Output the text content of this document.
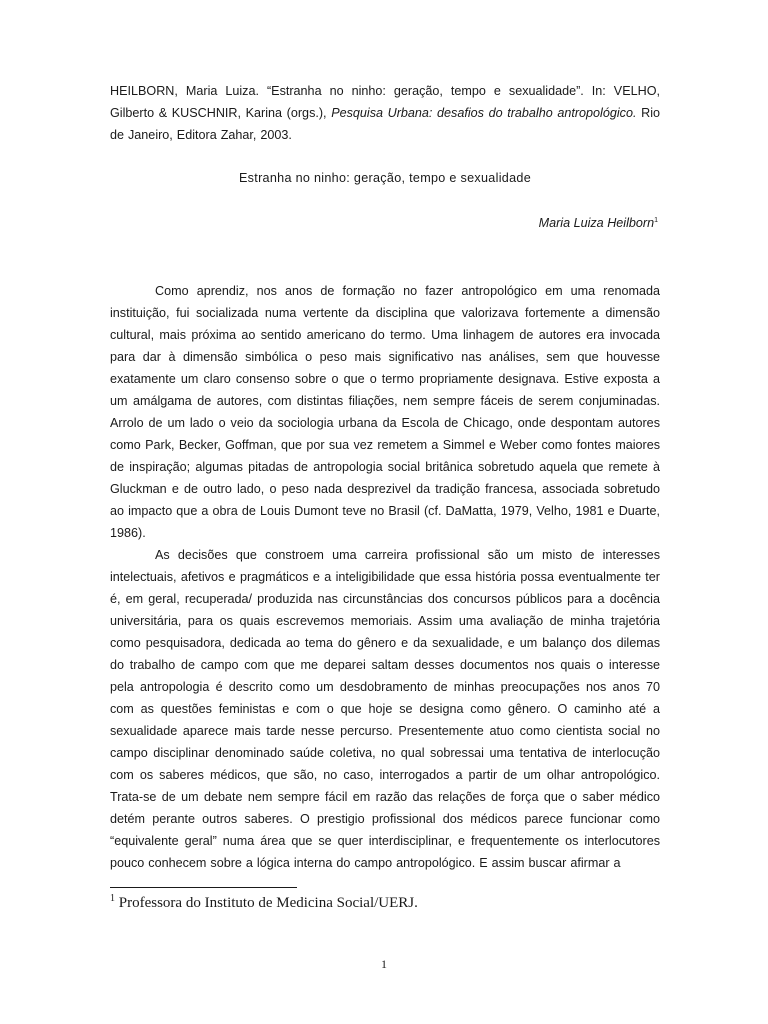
HEILBORN, Maria Luiza. “Estranha no ninho: geração, tempo e sexualidade”. In: VELHO, Gilberto & KUSCHNIR, Karina (orgs.), Pesquisa Urbana: desafios do trabalho antropológico. Rio de Janeiro, Editora Zahar, 2003.
Estranha no ninho: geração, tempo e sexualidade
Maria Luiza Heilborn$^1$

Como aprendiz, nos anos de formação no fazer antropológico em uma renomada instituição, fui socializada numa vertente da disciplina que valorizava fortemente a dimensão cultural, mais próxima ao sentido americano do termo. Uma linhagem de autores era invocada para dar à dimensão simbólica o peso mais significativo nas análises, sem que houvesse exatamente um claro consenso sobre o que o termo propriamente designava. Estive exposta a um amálgama de autores, com distintas filiações, nem sempre fáceis de serem conjuminadas. Arrolo de um lado o veio da sociologia urbana da Escola de Chicago, onde despontam autores como Park, Becker, Goffman, que por sua vez remetem a Simmel e Weber como fontes maiores de inspiração; algumas pitadas de antropologia social britânica sobretudo aquela que remete à Gluckman e de outro lado, o peso nada desprezivel da tradição francesa, associada sobretudo ao impacto que a obra de Louis Dumont teve no Brasil (cf. DaMatta, 1979, Velho, 1981 e Duarte, 1986).

As decisões que constroem uma carreira profissional são um misto de interesses intelectuais, afetivos e pragmáticos e a inteligibilidade que essa história possa eventualmente ter é, em geral, recuperada/ produzida nas circunstâncias dos concursos públicos para a docência universitária, para os quais escrevemos memoriais. Assim uma avaliação de minha trajetória como pesquisadora, dedicada ao tema do gênero e da sexualidade, e um balanço dos dilemas do trabalho de campo com que me deparei saltam desses documentos nos quais o interesse pela antropologia é descrito como um desdobramento de minhas preocupações nos anos 70 com as questões feministas e com o que hoje se designa como gênero. O caminho até a sexualidade aparece mais tarde nesse percurso. Presentemente atuo como cientista social no campo disciplinar denominado saúde coletiva, no qual sobressai uma tentativa de interlocução com os saberes médicos, que são, no caso, interrogados a partir de um olhar antropológico. Trata-se de um debate nem sempre fácil em razão das relações de força que o saber médico detém perante outros saberes. O prestigio profissional dos médicos parece funcionar como “equivalente geral” numa área que se quer interdisciplinar, e frequentemente os interlocutores pouco conhecem sobre a lógica interna do campo antropológico. E assim buscar afirmar a

$^1$ Professora do Instituto de Medicina Social/UERJ.
1
